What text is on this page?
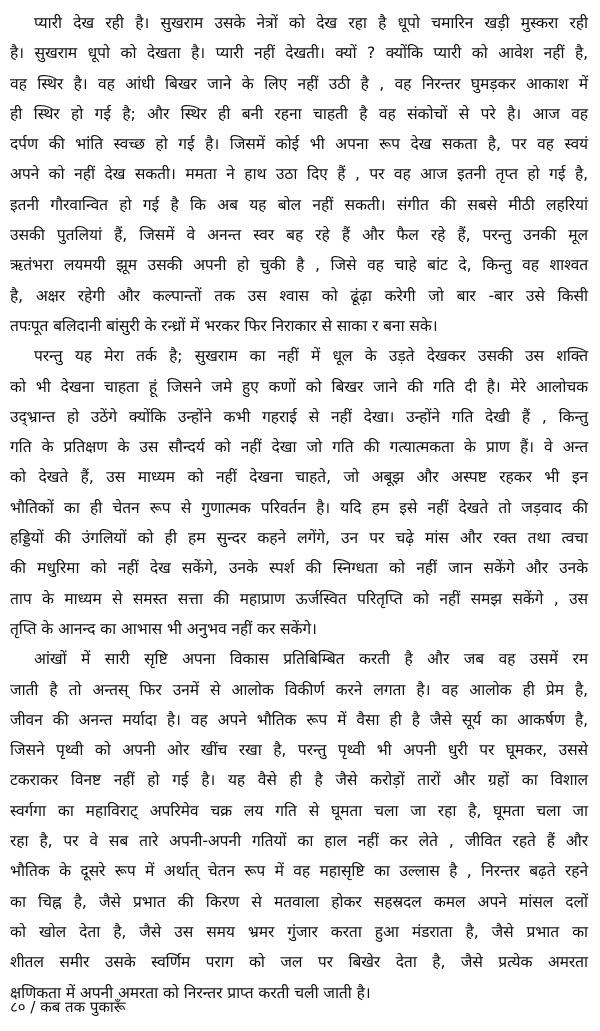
प्यारी देख रही है। सुखराम उसके नेत्रों को देख रहा है धूपो चमारिन खड़ी मुस्करा रही
है। सुखराम धूपो को देखता है। प्यारी नहीं देखती। क्यों ? क्योंकि प्यारी को आवेश नहीं है,
वह स्थिर है। वह आंधी बिखर जाने के लिए नहीं उठी है , वह निरन्तर घुमड़कर आकाश में
ही स्थिर हो गई है; और स्थिर ही बनी रहना चाहती है वह संकोचों से परे है। आज वह
दर्पण की भांति स्वच्छ हो गई है। जिसमें कोई भी अपना रूप देख सकता है, पर वह स्वयं
अपने को नहीं देख सकती। ममता ने हाथ उठा दिए हैं , पर वह आज इतनी तृप्त हो गई है,
इतनी गौरवान्वित हो गई है कि अब यह बोल नहीं सकती। संगीत की सबसे मीठी लहरियां
उसकी पुतलियां हैं, जिसमें वे अनन्त स्वर बह रहे हैं और फैल रहे हैं, परन्तु उनकी मूल
ऋतंभरा लयमयी झूम उसकी अपनी हो चुकी है , जिसे वह चाहे बांट दे, किन्तु वह शाश्वत
है, अक्षर रहेगी और कल्पान्तों तक उस श्वास को ढूंढ़ा करेगी जो बार -बार उसे किसी
तपःपूत बलिदानी बांसुरी के रन्ध्रों में भरकर फिर निराकार से साका र बना सके।
परन्तु यह मेरा तर्क है; सुखराम का नहीं में धूल के उड़ते देखकर उसकी उस शक्ति
को भी देखना चाहता हूं जिसने जमे हुए कणों को बिखर जाने की गति दी है। मेरे आलोचक
उद्‌भ्रान्त हो उठेंगे क्योंकि उन्होंने कभी गहराई से नहीं देखा। उन्होंने गति देखी हैं , किन्तु
गति के प्रतिक्षण के उस सौन्दर्य को नहीं देखा जो गति की गत्यात्मकता के प्राण हैं। वे अन्त
को देखते हैं, उस माध्यम को नहीं देखना चाहते, जो अबूझ और अस्पष्ट रहकर भी इन
भौतिकों का ही चेतन रूप से गुणात्मक परिवर्तन है। यदि हम इसे नहीं देखते तो जड़वाद की
हड्डियों की उंगलियों को ही हम सुन्दर कहने लगेंगे, उन पर चढ़े मांस और रक्त तथा त्वचा
की मधुरिमा को नहीं देख सकेंगे, उनके स्पर्श की स्निग्धता को नहीं जान सकेंगे और उनके
ताप के माध्यम से समस्त सत्ता की महाप्राण ऊर्जस्वित परितृप्ति को नहीं समझ सकेंगे , उस
तृप्ति के आनन्द का आभास भी अनुभव नहीं कर सकेंगे।
आंखों में सारी सृष्टि अपना विकास प्रतिबिम्बित करती है और जब वह उसमें रम
जाती है तो अन्तस् फिर उनमें से आलोक विकीर्ण करने लगता है। वह आलोक ही प्रेम है,
जीवन की अनन्त मर्यादा है। वह अपने भौतिक रूप में वैसा ही है जैसे सूर्य का आकर्षण है,
जिसने पृथ्वी को अपनी ओर खींच रखा है, परन्तु पृथ्वी भी अपनी धुरी पर घूमकर, उससे
टकराकर विनष्ट नहीं हो गई है। यह वैसे ही है जैसे करोड़ों तारों और ग्रहों का विशाल
स्वर्गगा का महाविराट् अपरिमेव चक्र लय गति से घूमता चला जा रहा है, घूमता चला जा
रहा है, पर वे सब तारे अपनी-अपनी गतियों का हाल नहीं कर लेते , जीवित रहते हैं और
भौतिक के दूसरे रूप में अर्थात् चेतन रूप में वह महासृष्टि का उल्लास है , निरन्तर बढ़ते रहने
का चिह्न है, जैसे प्रभात की किरण से मतवाला होकर सहस्रदल कमल अपने मांसल दलों
को खोल देता है, जैसे उस समय भ्रमर गुंजार करता हुआ मंडराता है, जैसे प्रभात का
शीतल समीर उसके स्वर्णिम पराग को जल पर बिखेर देता है, जैसे प्रत्येक अमरता
क्षणिकता में अपनी अमरता को निरन्तर प्राप्त करती चली जाती है।
८० / कब तक पुकारूँ
